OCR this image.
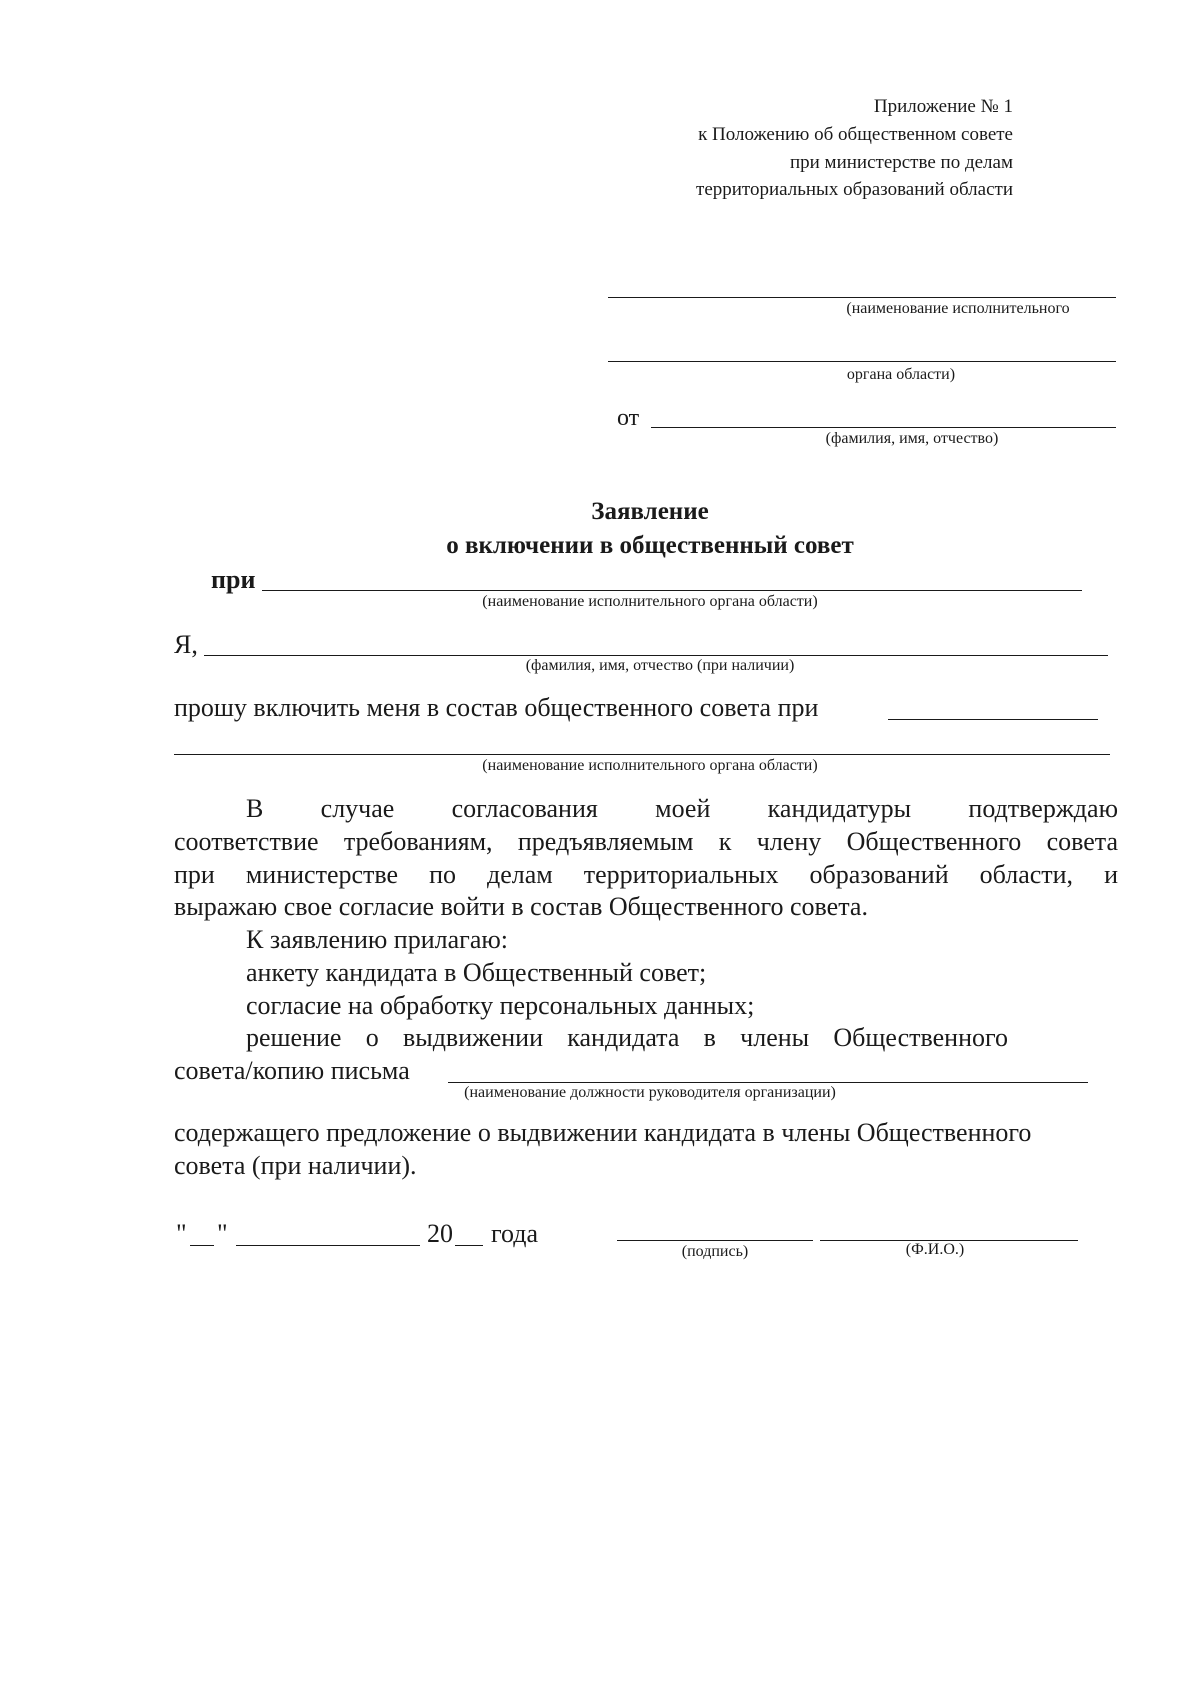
Приложение № 1
к Положению об общественном совете
при министерстве по делам
территориальных образований области
(наименование исполнительного
органа области)
от
(фамилия, имя, отчество)
Заявление
о включении в общественный совет
при
(наименование исполнительного органа области)
Я,
(фамилия, имя, отчество (при наличии)
прошу включить меня в состав общественного совета при
(наименование исполнительного органа области)
В случае согласования моей кандидатуры подтверждаю
соответствие требованиям, предъявляемым к члену Общественного совета
при министерстве по делам территориальных образований области, и
выражаю свое согласие войти в состав Общественного совета.
К заявлению прилагаю:
анкету кандидата в Общественный совет;
согласие на обработку персональных данных;
решение о выдвижении кандидата в члены Общественного
совета/копию письма
(наименование должности руководителя организации)
содержащего предложение о выдвижении кандидата в члены Общественного
совета (при наличии).
" "	20 года
(подпись)	(Ф.И.О.)
